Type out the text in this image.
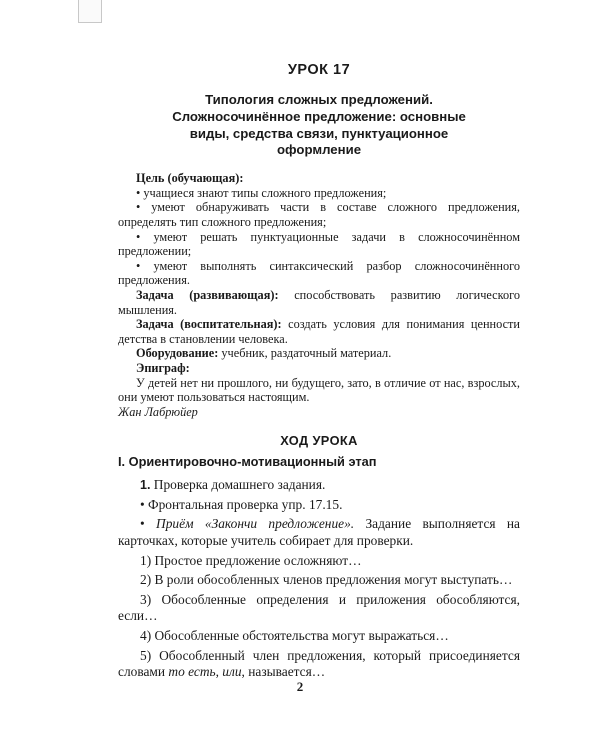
УРОК 17
Типология сложных предложений.
Сложносочинённое предложение: основные
виды, средства связи, пунктуационное
оформление

Цель (обучающая):

• учащиеся знают типы сложного предложения;

• умеют обнаруживать части в составе сложного предложения, определять тип сложного предложения;

• умеют решать пунктуационные задачи в сложносочинённом предложении;

• умеют выполнять синтаксический разбор сложносочинённого предложения.

Задача (развивающая): способствовать развитию логического мышления.

Задача (воспитательная): создать условия для понимания ценности детства в становлении человека.

Оборудование: учебник, раздаточный материал.

Эпиграф:

У детей нет ни прошлого, ни будущего, зато, в отличие от нас, взрослых, они умеют пользоваться настоящим.

Жан Лабрюйер

ХОД УРОКА
I. Ориентировочно-мотивационный этап

1. Проверка домашнего задания.

• Фронтальная проверка упр. 17.15.

• Приём «Закончи предложение». Задание выполняется на карточках, которые учитель собирает для проверки.

1) Простое предложение осложняют…

2) В роли обособленных членов предложения могут выступать…

3) Обособленные определения и приложения обособляются, если…

4) Обособленные обстоятельства могут выражаться…

5) Обособленный член предложения, который присоединяется словами то есть, или, называется…

2
